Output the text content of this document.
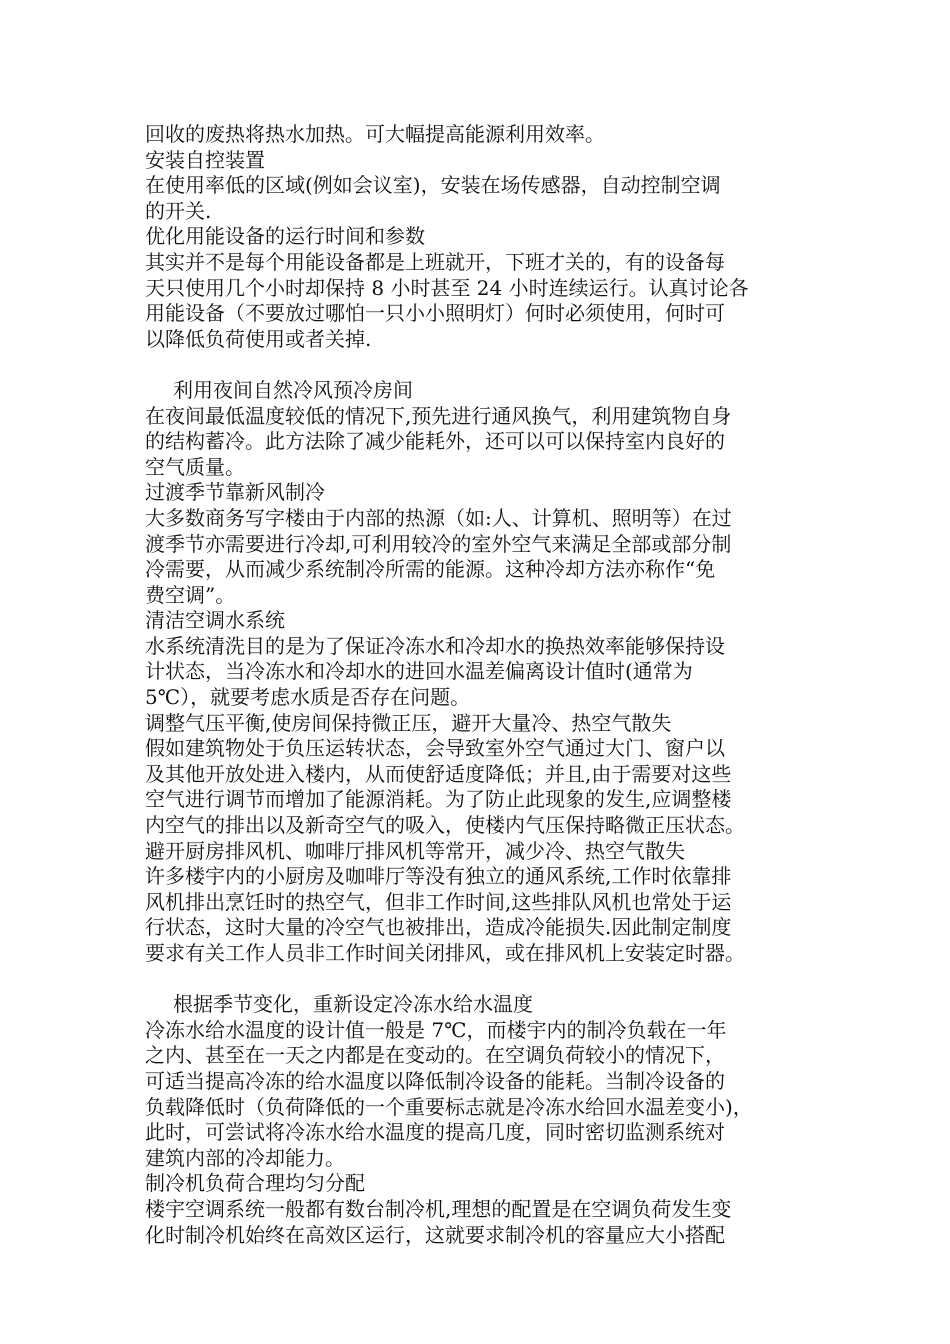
回收的废热将热水加热。可大幅提高能源利用效率。
安装自控装置
在使用率低的区域(例如会议室)，安装在场传感器，自动控制空调
的开关.
优化用能设备的运行时间和参数
其实并不是每个用能设备都是上班就开，下班才关的，有的设备每
天只使用几个小时却保持 8 小时甚至 24 小时连续运行。认真讨论各
用能设备（不要放过哪怕一只小小照明灯）何时必须使用，何时可
以降低负荷使用或者关掉.
利用夜间自然冷风预冷房间
在夜间最低温度较低的情况下,预先进行通风换气，利用建筑物自身
的结构蓄冷。此方法除了减少能耗外，还可以可以保持室内良好的
空气质量。
过渡季节靠新风制冷
大多数商务写字楼由于内部的热源（如:人、计算机、照明等）在过
渡季节亦需要进行冷却,可利用较冷的室外空气来满足全部或部分制
冷需要，从而减少系统制冷所需的能源。这种冷却方法亦称作“免
费空调”。
清洁空调水系统
水系统清洗目的是为了保证冷冻水和冷却水的换热效率能够保持设
计状态，当冷冻水和冷却水的进回水温差偏离设计值时(通常为
5℃），就要考虑水质是否存在问题。
调整气压平衡,使房间保持微正压，避开大量冷、热空气散失
假如建筑物处于负压运转状态，会导致室外空气通过大门、窗户以
及其他开放处进入楼内，从而使舒适度降低；并且,由于需要对这些
空气进行调节而增加了能源消耗。为了防止此现象的发生,应调整楼
内空气的排出以及新奇空气的吸入，使楼内气压保持略微正压状态。
避开厨房排风机、咖啡厅排风机等常开，减少冷、热空气散失
许多楼宇内的小厨房及咖啡厅等没有独立的通风系统,工作时依靠排
风机排出烹饪时的热空气，但非工作时间,这些排队风机也常处于运
行状态，这时大量的冷空气也被排出，造成冷能损失.因此制定制度
要求有关工作人员非工作时间关闭排风，或在排风机上安装定时器。
根据季节变化，重新设定冷冻水给水温度
冷冻水给水温度的设计值一般是 7℃，而楼宇内的制冷负载在一年
之内、甚至在一天之内都是在变动的。在空调负荷较小的情况下，
可适当提高冷冻的给水温度以降低制冷设备的能耗。当制冷设备的
负载降低时（负荷降低的一个重要标志就是冷冻水给回水温差变小)，
此时，可尝试将冷冻水给水温度的提高几度，同时密切监测系统对
建筑内部的冷却能力。
制冷机负荷合理均匀分配
楼宇空调系统一般都有数台制冷机,理想的配置是在空调负荷发生变
化时制冷机始终在高效区运行，这就要求制冷机的容量应大小搭配
